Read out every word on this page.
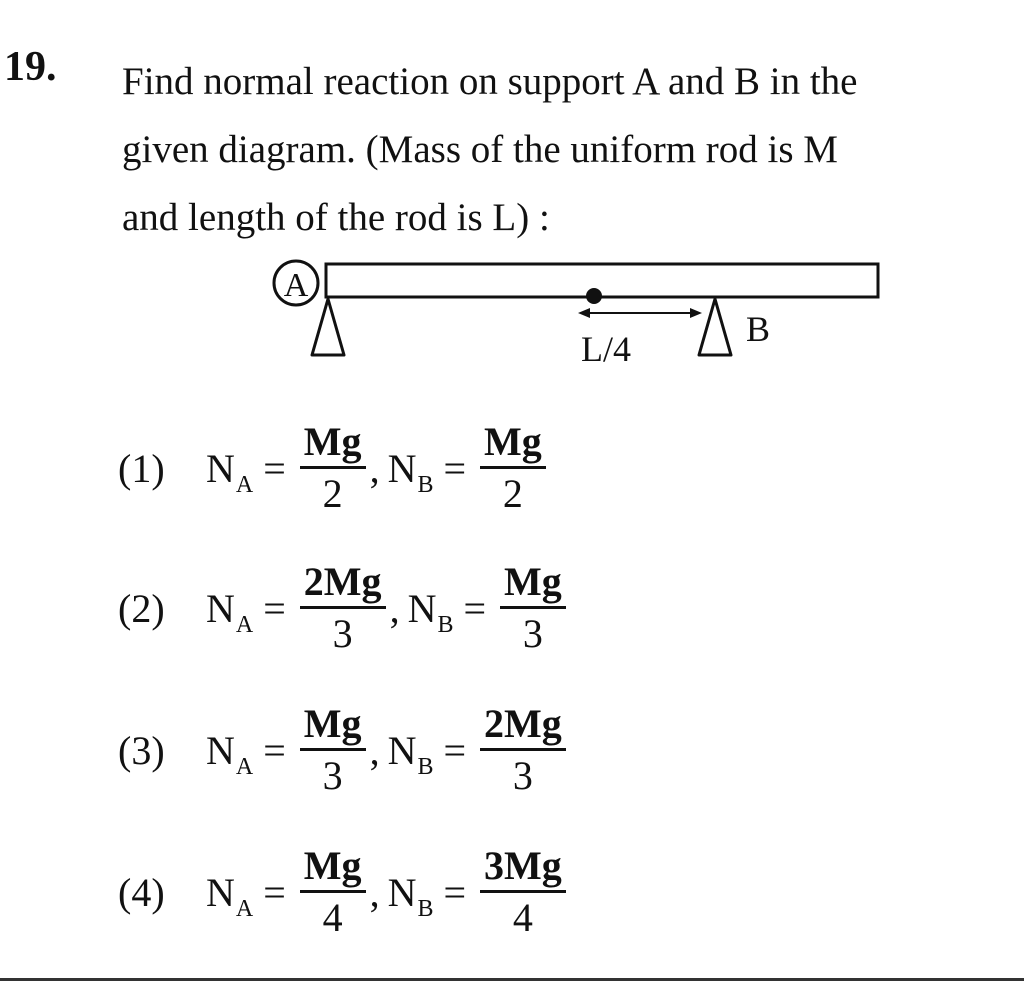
19. Find normal reaction on support A and B in the
given diagram. (Mass of the uniform rod is M
and length of the rod is L) :
A
L/4	B
(1)	N $A = \frac{Mg}{2}$ , N $B = \frac{Mg}{2}$
(2)	N $A = \frac{2Mg}{3}$ , N $B = \frac{Mg}{3}$
(3)	N $A = \frac{Mg}{3}$ , N $B = \frac{2Mg}{3}$
(4)	N $A = \frac{Mg}{4}$ , N $B = \frac{3Mg}{4}$
